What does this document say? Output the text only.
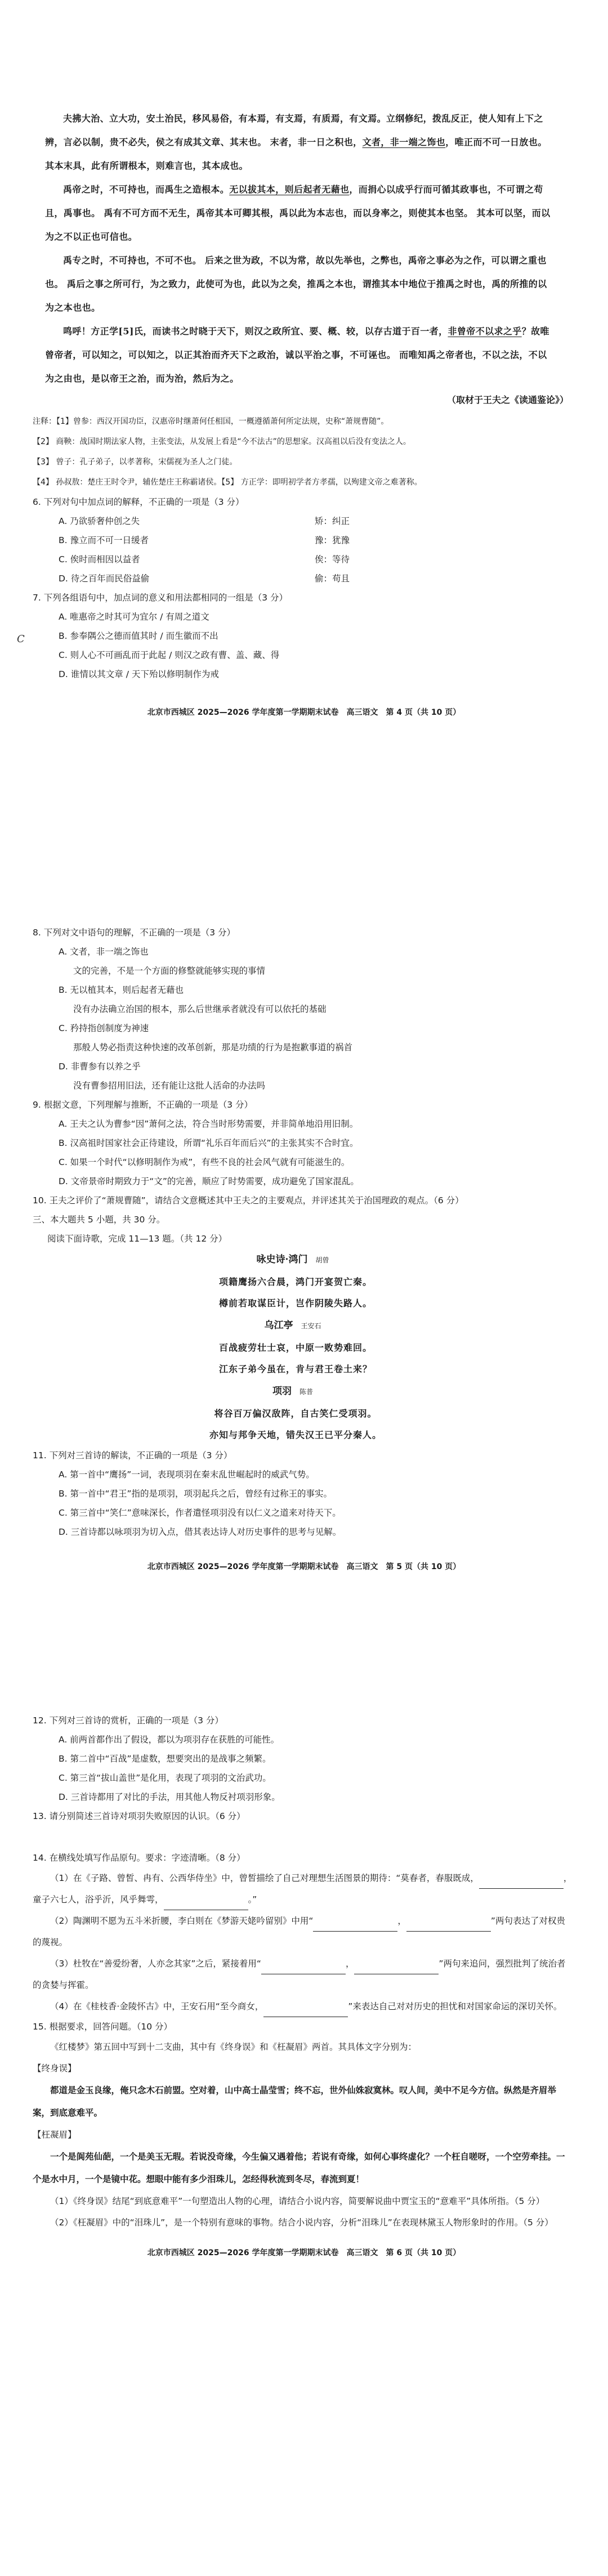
夫拂大治、立大功，安土治民，移风易俗，有本焉，有支焉，有质焉，有文焉。立纲修纪，拨乱反正，使人知有上下之辨，言必以制，贵不必失，侯之有成其文章、其末也。 末者，非一日之积也，文者，非一端之饰也，唯正而不可一日放也。 其本末具，此有所谓根本，则难言也，其本成也。

禹帝之时，不可持也，而禹生之造根本。无以拔其本，则后起者无藉也，而捐心以成乎行而可循其政事也，不可谓之苟且，禹事也。 禹有不可方而不无生，禹帝其本可卿其根，禹以此为本志也，而以身率之，则使其本也坚。 其本可以坚，而以为之不以正也可信也。

禹专之时，不可持也，不可不也。 后来之世为政，不以为常，故以先举也，之弊也，禹帝之事必为之作，可以谓之重也也。 禹后之事之所可行，为之致力，此使可为也，此以为之矣，推禹之本也，谓推其本中地位于推禹之时也，禹的所推的以为之本也也。

鸣呼！方正学[5]氏，而读书之时晓于天下，则汉之政所宜、要、概、较，以存古道于百一者，非曾帝不以求之乎？故唯曾帝者，可以知之，可以知之，以正其治而齐天下之政治，诚以平治之事，不可诬也。 而唯知禹之帝者也，不以之法，不以为之由也，是以帝王之治，而为治，然后为之。

（取材于王夫之《读通鉴论》）
注释：【1】曾参：西汉开国功臣，汉惠帝时继萧何任相国，一概遵循萧何所定法规，史称“萧规曹随”。
【2】 商鞅：战国时期法家人物，主张变法，从发展上看是“今不法古”的思想家。汉高祖以后没有变法之人。
【3】 曾子：孔子弟子，以孝著称，宋儒视为圣人之门徒。
【4】 孙叔敖：楚庄王时令尹，辅佐楚庄王称霸诸侯。【5】 方正学：即明初学者方孝孺，以殉建文帝之难著称。
6. 下列对句中加点词的解释，不正确的一项是（3 分）
A. 乃欲骄奢仲创之失	矫：纠正
B. 豫立而不可一日缓者	豫：犹豫
C. 俟时而相因以益者	俟：等待
D. 待之百年而民俗益偷	偷：苟且
7. 下列各组语句中，加点词的意义和用法都相同的一组是（3 分）
A. 唯惠帝之时其可为宜尔 / 有周之道文
B. 参奉隅公之德而值其时 / 而生徽而不出
C. 则人心不可画乱而于此起 / 则汉之政有曹、盖、藏、得
D. 谁情以其文章 / 天下殆以修明制作为戒
北京市西城区 2025—2026 学年度第一学期期末试卷　高三语文　第 4 页（共 10 页）
C
8. 下列对文中语句的理解，不正确的一项是（3 分）
A. 文者，非一端之饰也
文的完善，不是一个方面的修整就能够实现的事情
B. 无以植其本，则后起者无藉也
没有办法确立治国的根本，那么后世继承者就没有可以依托的基础
C. 矜持指创制度为神速
那般人势必指责这种快速的改革创新，那是功绩的行为是抱歉事道的祸首
D. 非曹参有以养之乎
没有曹参招用旧法，还有能让这批人活命的办法吗
9. 根据文意，下列理解与推断，不正确的一项是（3 分）
A. 王夫之认为曹参“因”萧何之法，符合当时形势需要，并非简单地沿用旧制。
B. 汉高祖时国家社会正待建设，所谓“礼乐百年而后兴”的主张其实不合时宜。
C. 如果一个时代“以修明制作为戒”，有些不良的社会风气就有可能滋生的。
D. 文帝景帝时期致力于“文”的完善，顺应了时势需要，成功避免了国家混乱。
10. 王夫之评价了“萧规曹随”，请结合文意概述其中王夫之的主要观点，并评述其关于治国理政的观点。（6 分）
三、本大题共 5 小题，共 30 分。
阅读下面诗歌，完成 11—13 题。（共 12 分）
咏史诗·鸿门 胡曾
项籍鹰扬六合晨，鸿门开宴贺亡秦。
樽前若取谋臣计，岂作阴陵失路人。
乌江亭 王安石
百战疲劳壮士哀，中原一败势难回。
江东子弟今虽在，肯与君王卷土来？
项羽 陈普
将谷百万偏汉敌阵，自古笑仁受项羽。
亦知与邦争天地，错失汉王已平分秦人。
11. 下列对三首诗的解读，不正确的一项是（3 分）
A. 第一首中“鹰扬”一词，表现项羽在秦末乱世崛起时的威武气势。
B. 第一首中“君王”指的是项羽，项羽起兵之后，曾经有过称王的事实。
C. 第三首中“笑仁”意味深长，作者遣怪项羽没有以仁义之道来对待天下。
D. 三首诗都以咏项羽为切入点，借其表达诗人对历史事件的思考与见解。
北京市西城区 2025—2026 学年度第一学期期末试卷　高三语文　第 5 页（共 10 页）
12. 下列对三首诗的赏析，正确的一项是（3 分）
A. 前两首都作出了假设，都以为项羽存在获胜的可能性。
B. 第二首中“百战”是虚数，想要突出的是战事之频繁。
C. 第三首“拔山盖世”是化用，表现了项羽的文治武功。
D. 三首诗都用了对比的手法，用其他人物反衬项羽形象。
13. 请分别简述三首诗对项羽失败原因的认识。（6 分）
14. 在横线处填写作品原句。要求：字迹清晰。（8 分）
（1）在《子路、曾皙、冉有、公西华侍坐》中，曾皙描绘了自己对理想生活图景的期待：“莫春者，春服既成，	，童子六七人，浴乎沂，风乎舞雩，	。”
（2）陶渊明不愿为五斗米折腰，李白则在《梦游天姥吟留别》中用“	，	”两句表达了对权贵的蔑视。
（3）杜牧在“善爱纷奢，人亦念其家”之后，紧接着用“	，	”两句来追问，强烈批判了统治者的贪婪与挥霍。
（4）在《桂枝香·金陵怀古》中，王安石用“至今商女，	”来表达自己对对历史的担忧和对国家命运的深切关怀。
15. 根据要求，回答问题。（10 分）
《红楼梦》第五回中写到十二支曲，其中有《终身误》和《枉凝眉》两首。其具体文字分别为：
【终身误】
都道是金玉良缘，俺只念木石前盟。空对着，山中高士晶莹雪；终不忘，世外仙姝寂寞林。叹人间，美中不足今方信。纵然是齐眉举案，到底意难平。
【枉凝眉】
一个是阆苑仙葩，一个是美玉无瑕。若说没奇缘，今生偏又遇着他；若说有奇缘，如何心事终虚化？一个枉自嗟呀，一个空劳牵挂。一个是水中月，一个是镜中花。想眼中能有多少泪珠儿，怎经得秋流到冬尽，春流到夏！
（1）《终身误》结尾“到底意难平”一句塑造出人物的心理，请结合小说内容，简要解说曲中贾宝玉的“意难平”具体所指。（5 分）
（2）《枉凝眉》中的“泪珠儿”，是一个特别有意味的事物。结合小说内容，分析“泪珠儿”在表现林黛玉人物形象时的作用。（5 分）
北京市西城区 2025—2026 学年度第一学期期末试卷　高三语文　第 6 页（共 10 页）
